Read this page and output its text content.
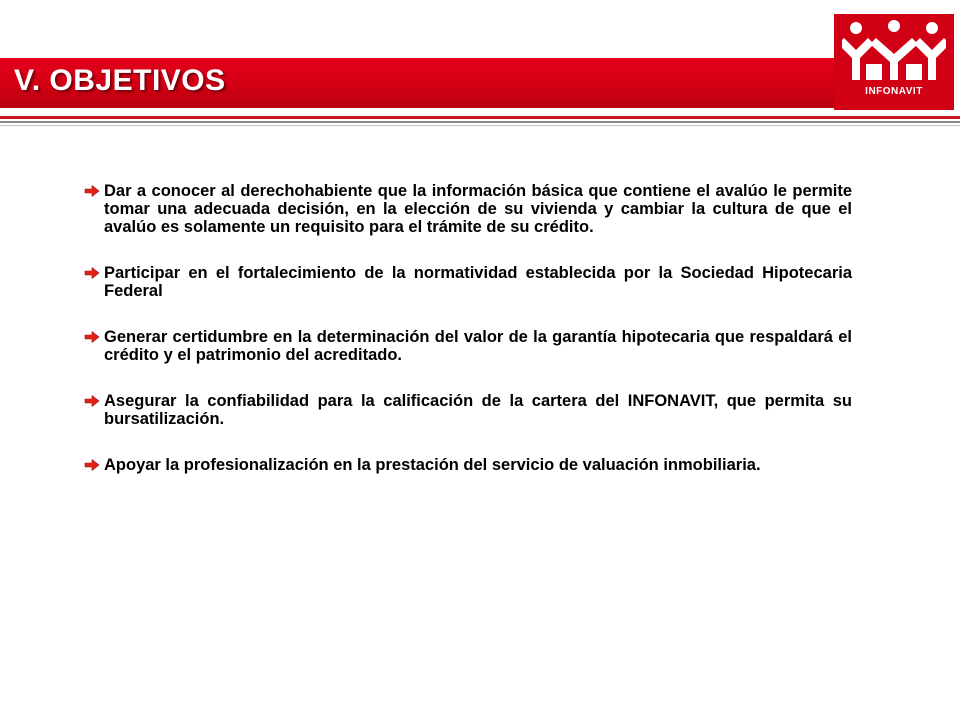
V. OBJETIVOS	INFONAVIT
Dar a conocer al derechohabiente que la información básica que contiene el avalúo le permite tomar una adecuada decisión, en la elección de su vivienda y cambiar la cultura de que el avalúo es solamente un requisito para el trámite de su crédito.
Participar en el fortalecimiento de la normatividad establecida por la Sociedad Hipotecaria Federal
Generar certidumbre en la determinación del valor de la garantía hipotecaria que respaldará el crédito y el patrimonio del acreditado.
Asegurar la confiabilidad para la calificación de la cartera del INFONAVIT, que permita su bursatilización.
Apoyar la profesionalización en la prestación del servicio de valuación inmobiliaria.
